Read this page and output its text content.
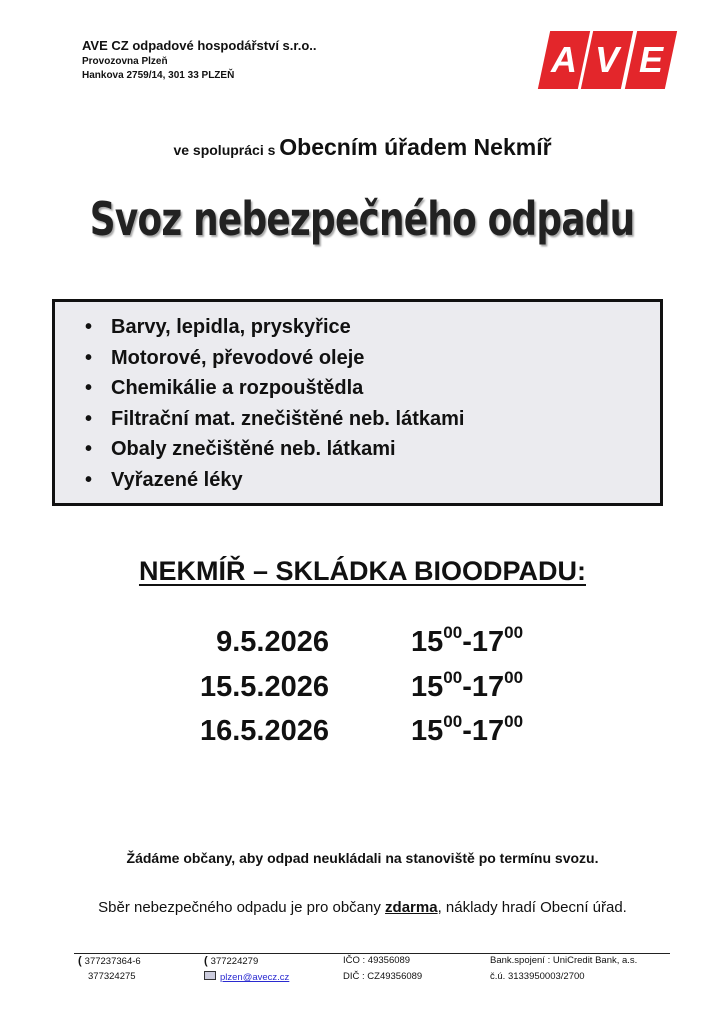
AVE CZ odpadové hospodářství s.r.o..
Provozovna Plzeň
Hankova 2759/14, 301 33 PLZEŇ	A V E
ve spolupráci s Obecním úřadem Nekmíř
Svoz nebezpečného odpadu
• Barvy, lepidla, pryskyřice
• Motorové, převodové oleje
• Chemikálie a rozpouštědla
• Filtrační mat. znečištěné neb. látkami
• Obaly znečištěné neb. látkami
• Vyřazené léky
NEKMÍŘ – SKLÁDKA BIOODPADU:
9.5.2026	$15^{00}-17^{00}$
15.5.2026	$15^{00}-17^{00}$
16.5.2026	$15^{00}-17^{00}$
Žádáme občany, aby odpad neukládali na stanoviště po termínu svozu.
Sběr nebezpečného odpadu je pro občany zdarma, náklady hradí Obecní úřad.
( 377237364-6
377324275
( 377224279
plzen@avecz.cz
IČO : 49356089
DIČ : CZ49356089
Bank.spojení : UniCredit Bank, a.s.
č.ú. 3133950003/2700
